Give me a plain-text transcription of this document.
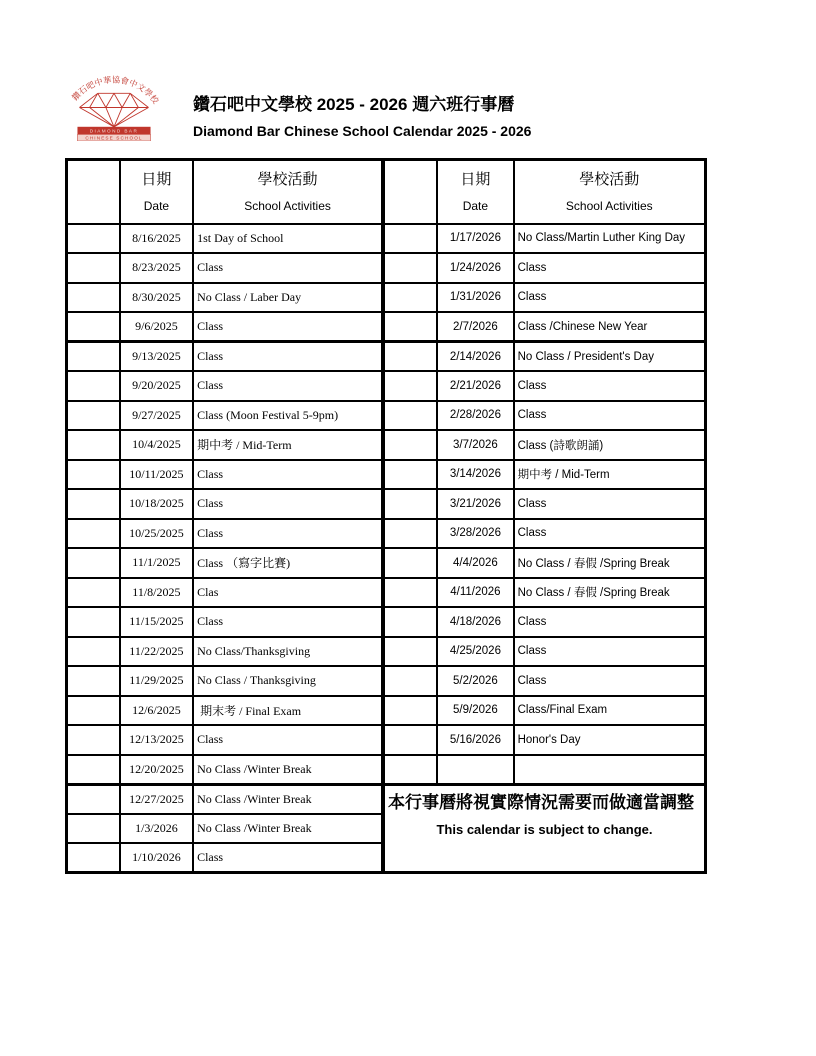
鑽石吧中華協會中文學校
DIAMOND BAR
CHINESE SCHOOL
鑽石吧中文學校 2025 - 2026 週六班行事曆
Diamond Bar Chinese School Calendar 2025 - 2026

日期
Date

學校活動
School Activities

	8/16/2025	1st Day of School
	8/23/2025	Class
	8/30/2025	No Class / Laber Day
	9/6/2025	Class
	9/13/2025	Class
	9/20/2025	Class
	9/27/2025	Class (Moon Festival 5-9pm)
	10/4/2025	期中考 / Mid-Term
	10/11/2025	Class
	10/18/2025	Class
	10/25/2025	Class
	11/1/2025	Class （寫字比賽)
	11/8/2025	Clas
	11/15/2025	Class
	11/22/2025	No Class/Thanksgiving
	11/29/2025	No Class / Thanksgiving
	12/6/2025	期末考 / Final Exam
	12/13/2025	Class
	12/20/2025	No Class /Winter Break
	12/27/2025	No Class /Winter Break
	1/3/2026	No Class /Winter Break
	1/10/2026	Class

日期
Date

學校活動
School Activities

	1/17/2026	No Class/Martin Luther King Day
	1/24/2026	Class
	1/31/2026	Class
	2/7/2026	Class /Chinese New Year
	2/14/2026	No Class / President's Day
	2/21/2026	Class
	2/28/2026	Class
	3/7/2026	Class (詩歌朗誦)
	3/14/2026	期中考 / Mid-Term
	3/21/2026	Class
	3/28/2026	Class
	4/4/2026	No Class / 春假 /Spring Break
	4/11/2026	No Class / 春假 /Spring Break
	4/18/2026	Class
	4/25/2026	Class
	5/2/2026	Class
	5/9/2026	Class/Final Exam
	5/16/2026	Honor's Day

本行事曆將視實際情況需要而做適當調整
This calendar is subject to change.		
